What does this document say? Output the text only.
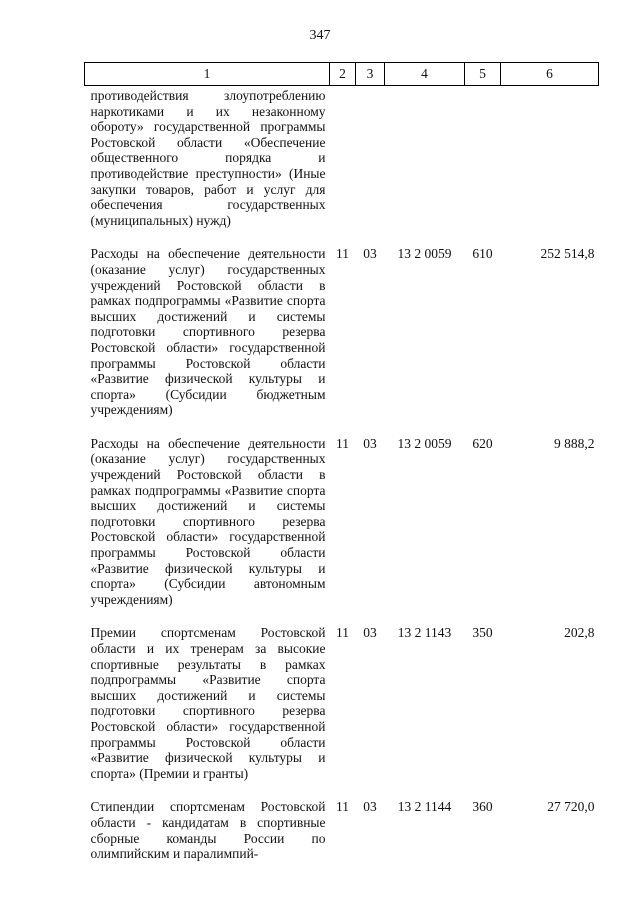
347
1	2	3	4	5	6
противодействия злоупотреблению наркотиками и их незаконному обороту» государственной программы Ростовской области «Обеспечение общественного порядка и противодействие преступности» (Иные закупки товаров, работ и услуг для обеспечения государственных (муниципальных) нужд)					
Расходы на обеспечение деятельности (оказание услуг) государственных учреждений Ростовской области в рамках подпрограммы «Развитие спорта высших достижений и системы подготовки спортивного резерва Ростовской области» государственной программы Ростовской области «Развитие физической культуры и спорта» (Субсидии бюджетным учреждениям)	11	03	13 2 0059	610	252 514,8
Расходы на обеспечение деятельности (оказание услуг) государственных учреждений Ростовской области в рамках подпрограммы «Развитие спорта высших достижений и системы подготовки спортивного резерва Ростовской области» государственной программы Ростовской области «Развитие физической культуры и спорта» (Субсидии автономным учреждениям)	11	03	13 2 0059	620	9 888,2
Премии спортсменам Ростовской области и их тренерам за высокие спортивные результаты в рамках подпрограммы «Развитие спорта высших достижений и системы подготовки спортивного резерва Ростовской области» государственной программы Ростовской области «Развитие физической культуры и спорта» (Премии и гранты)	11	03	13 2 1143	350	202,8
Стипендии спортсменам Ростовской области - кандидатам в спортивные сборные команды России по олимпийским и паралимпий-	11	03	13 2 1144	360	27 720,0
